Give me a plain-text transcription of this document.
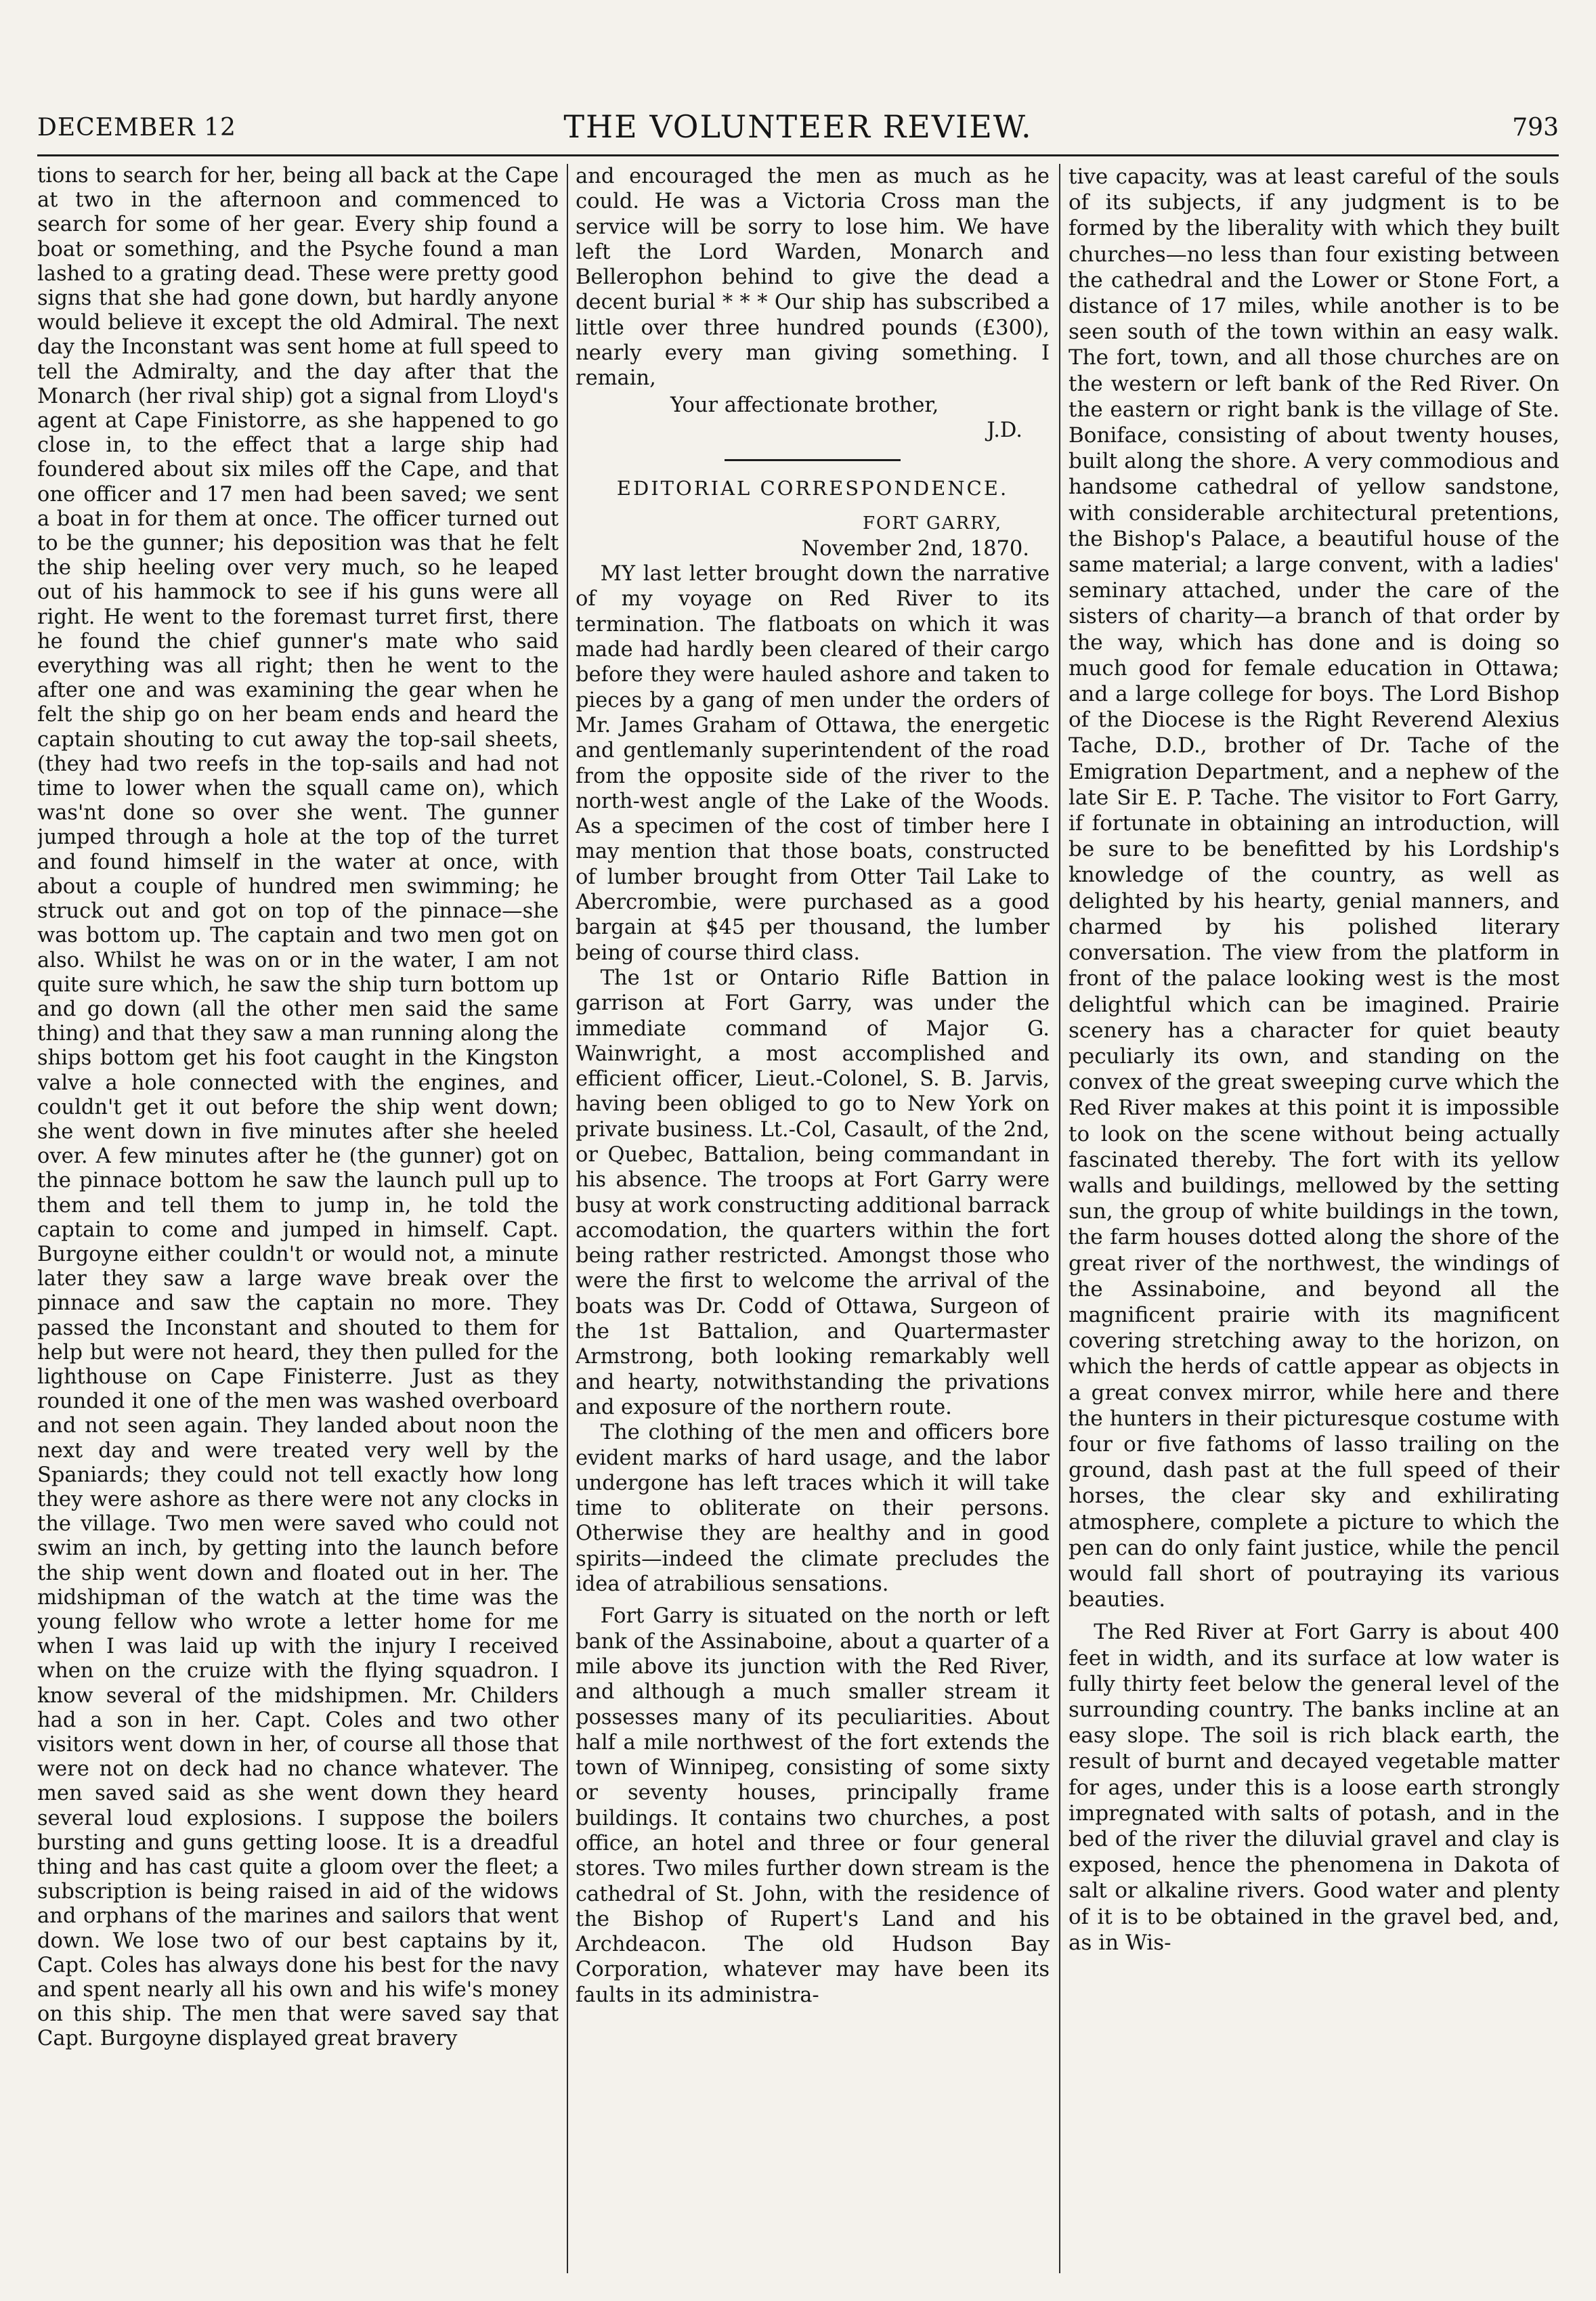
DECEMBER 12	THE VOLUNTEER REVIEW.	793

tions to search for her, being all back at the Cape at two in the afternoon and commenced to search for some of her gear. Every ship found a boat or something, and the Psyche found a man lashed to a grating dead. These were pretty good signs that she had gone down, but hardly anyone would believe it except the old Admiral. The next day the Inconstant was sent home at full speed to tell the Admiralty, and the day after that the Monarch (her rival ship) got a signal from Lloyd's agent at Cape Finistorre, as she happened to go close in, to the effect that a large ship had foundered about six miles off the Cape, and that one officer and 17 men had been saved; we sent a boat in for them at once. The officer turned out to be the gunner; his deposition was that he felt the ship heeling over very much, so he leaped out of his hammock to see if his guns were all right. He went to the foremast turret first, there he found the chief gunner's mate who said everything was all right; then he went to the after one and was examining the gear when he felt the ship go on her beam ends and heard the captain shouting to cut away the top-sail sheets, (they had two reefs in the top-sails and had not time to lower when the squall came on), which was'nt done so over she went. The gunner jumped through a hole at the top of the turret and found himself in the water at once, with about a couple of hundred men swimming; he struck out and got on top of the pinnace—she was bottom up. The captain and two men got on also. Whilst he was on or in the water, I am not quite sure which, he saw the ship turn bottom up and go down (all the other men said the same thing) and that they saw a man running along the ships bottom get his foot caught in the Kingston valve a hole connected with the engines, and couldn't get it out before the ship went down; she went down in five minutes after she heeled over. A few minutes after he (the gunner) got on the pinnace bottom he saw the launch pull up to them and tell them to jump in, he told the captain to come and jumped in himself. Capt. Burgoyne either couldn't or would not, a minute later they saw a large wave break over the pinnace and saw the captain no more. They passed the Inconstant and shouted to them for help but were not heard, they then pulled for the lighthouse on Cape Finisterre. Just as they rounded it one of the men was washed overboard and not seen again. They landed about noon the next day and were treated very well by the Spaniards; they could not tell exactly how long they were ashore as there were not any clocks in the village. Two men were saved who could not swim an inch, by getting into the launch before the ship went down and floated out in her. The midshipman of the watch at the time was the young fellow who wrote a letter home for me when I was laid up with the injury I received when on the cruize with the flying squadron. I know several of the midshipmen. Mr. Childers had a son in her. Capt. Coles and two other visitors went down in her, of course all those that were not on deck had no chance whatever. The men saved said as she went down they heard several loud explosions. I suppose the boilers bursting and guns getting loose. It is a dreadful thing and has cast quite a gloom over the fleet; a subscription is being raised in aid of the widows and orphans of the marines and sailors that went down. We lose two of our best captains by it, Capt. Coles has always done his best for the navy and spent nearly all his own and his wife's money on this ship. The men that were saved say that Capt. Burgoyne displayed great bravery

and encouraged the men as much as he could. He was a Victoria Cross man the service will be sorry to lose him. We have left the Lord Warden, Monarch and Bellerophon behind to give the dead a decent burial * * * Our ship has subscribed a little over three hundred pounds (£300), nearly every man giving something. I remain,

Your affectionate brother,

J.D.

EDITORIAL CORRESPONDENCE.

FORT GARRY,

November 2nd, 1870.

MY last letter brought down the narrative of my voyage on Red River to its termination. The flatboats on which it was made had hardly been cleared of their cargo before they were hauled ashore and taken to pieces by a gang of men under the orders of Mr. James Graham of Ottawa, the energetic and gentlemanly superintendent of the road from the opposite side of the river to the north-west angle of the Lake of the Woods. As a specimen of the cost of timber here I may mention that those boats, constructed of lumber brought from Otter Tail Lake to Abercrombie, were purchased as a good bargain at $45 per thousand, the lumber being of course third class.

The 1st or Ontario Rifle Battion in garrison at Fort Garry, was under the immediate command of Major G. Wainwright, a most accomplished and efficient officer, Lieut.-Colonel, S. B. Jarvis, having been obliged to go to New York on private business. Lt.-Col, Casault, of the 2nd, or Quebec, Battalion, being commandant in his absence. The troops at Fort Garry were busy at work constructing additional barrack accomodation, the quarters within the fort being rather restricted. Amongst those who were the first to welcome the arrival of the boats was Dr. Codd of Ottawa, Surgeon of the 1st Battalion, and Quartermaster Armstrong, both looking remarkably well and hearty, notwithstanding the privations and exposure of the northern route.

The clothing of the men and officers bore evident marks of hard usage, and the labor undergone has left traces which it will take time to obliterate on their persons. Otherwise they are healthy and in good spirits—indeed the climate precludes the idea of atrabilious sensations.

Fort Garry is situated on the north or left bank of the Assinaboine, about a quarter of a mile above its junction with the Red River, and although a much smaller stream it possesses many of its peculiarities. About half a mile northwest of the fort extends the town of Winnipeg, consisting of some sixty or seventy houses, principally frame buildings. It contains two churches, a post office, an hotel and three or four general stores. Two miles further down stream is the cathedral of St. John, with the residence of the Bishop of Rupert's Land and his Archdeacon. The old Hudson Bay Corporation, whatever may have been its faults in its administra-

tive capacity, was at least careful of the souls of its subjects, if any judgment is to be formed by the liberality with which they built churches—no less than four existing between the cathedral and the Lower or Stone Fort, a distance of 17 miles, while another is to be seen south of the town within an easy walk. The fort, town, and all those churches are on the western or left bank of the Red River. On the eastern or right bank is the village of Ste. Boniface, consisting of about twenty houses, built along the shore. A very commodious and handsome cathedral of yellow sandstone, with considerable architectural pretentions, the Bishop's Palace, a beautiful house of the same material; a large convent, with a ladies' seminary attached, under the care of the sisters of charity—a branch of that order by the way, which has done and is doing so much good for female education in Ottawa; and a large college for boys. The Lord Bishop of the Diocese is the Right Reverend Alexius Tache, D.D., brother of Dr. Tache of the Emigration Department, and a nephew of the late Sir E. P. Tache. The visitor to Fort Garry, if fortunate in obtaining an introduction, will be sure to be benefitted by his Lordship's knowledge of the country, as well as delighted by his hearty, genial manners, and charmed by his polished literary conversation. The view from the platform in front of the palace looking west is the most delightful which can be imagined. Prairie scenery has a character for quiet beauty peculiarly its own, and standing on the convex of the great sweeping curve which the Red River makes at this point it is impossible to look on the scene without being actually fascinated thereby. The fort with its yellow walls and buildings, mellowed by the setting sun, the group of white buildings in the town, the farm houses dotted along the shore of the great river of the northwest, the windings of the Assinaboine, and beyond all the magnificent prairie with its magnificent covering stretching away to the horizon, on which the herds of cattle appear as objects in a great convex mirror, while here and there the hunters in their picturesque costume with four or five fathoms of lasso trailing on the ground, dash past at the full speed of their horses, the clear sky and exhilirating atmosphere, complete a picture to which the pen can do only faint justice, while the pencil would fall short of poutraying its various beauties.

The Red River at Fort Garry is about 400 feet in width, and its surface at low water is fully thirty feet below the general level of the surrounding country. The banks incline at an easy slope. The soil is rich black earth, the result of burnt and decayed vegetable matter for ages, under this is a loose earth strongly impregnated with salts of potash, and in the bed of the river the diluvial gravel and clay is exposed, hence the phenomena in Dakota of salt or alkaline rivers. Good water and plenty of it is to be obtained in the gravel bed, and, as in Wis-
